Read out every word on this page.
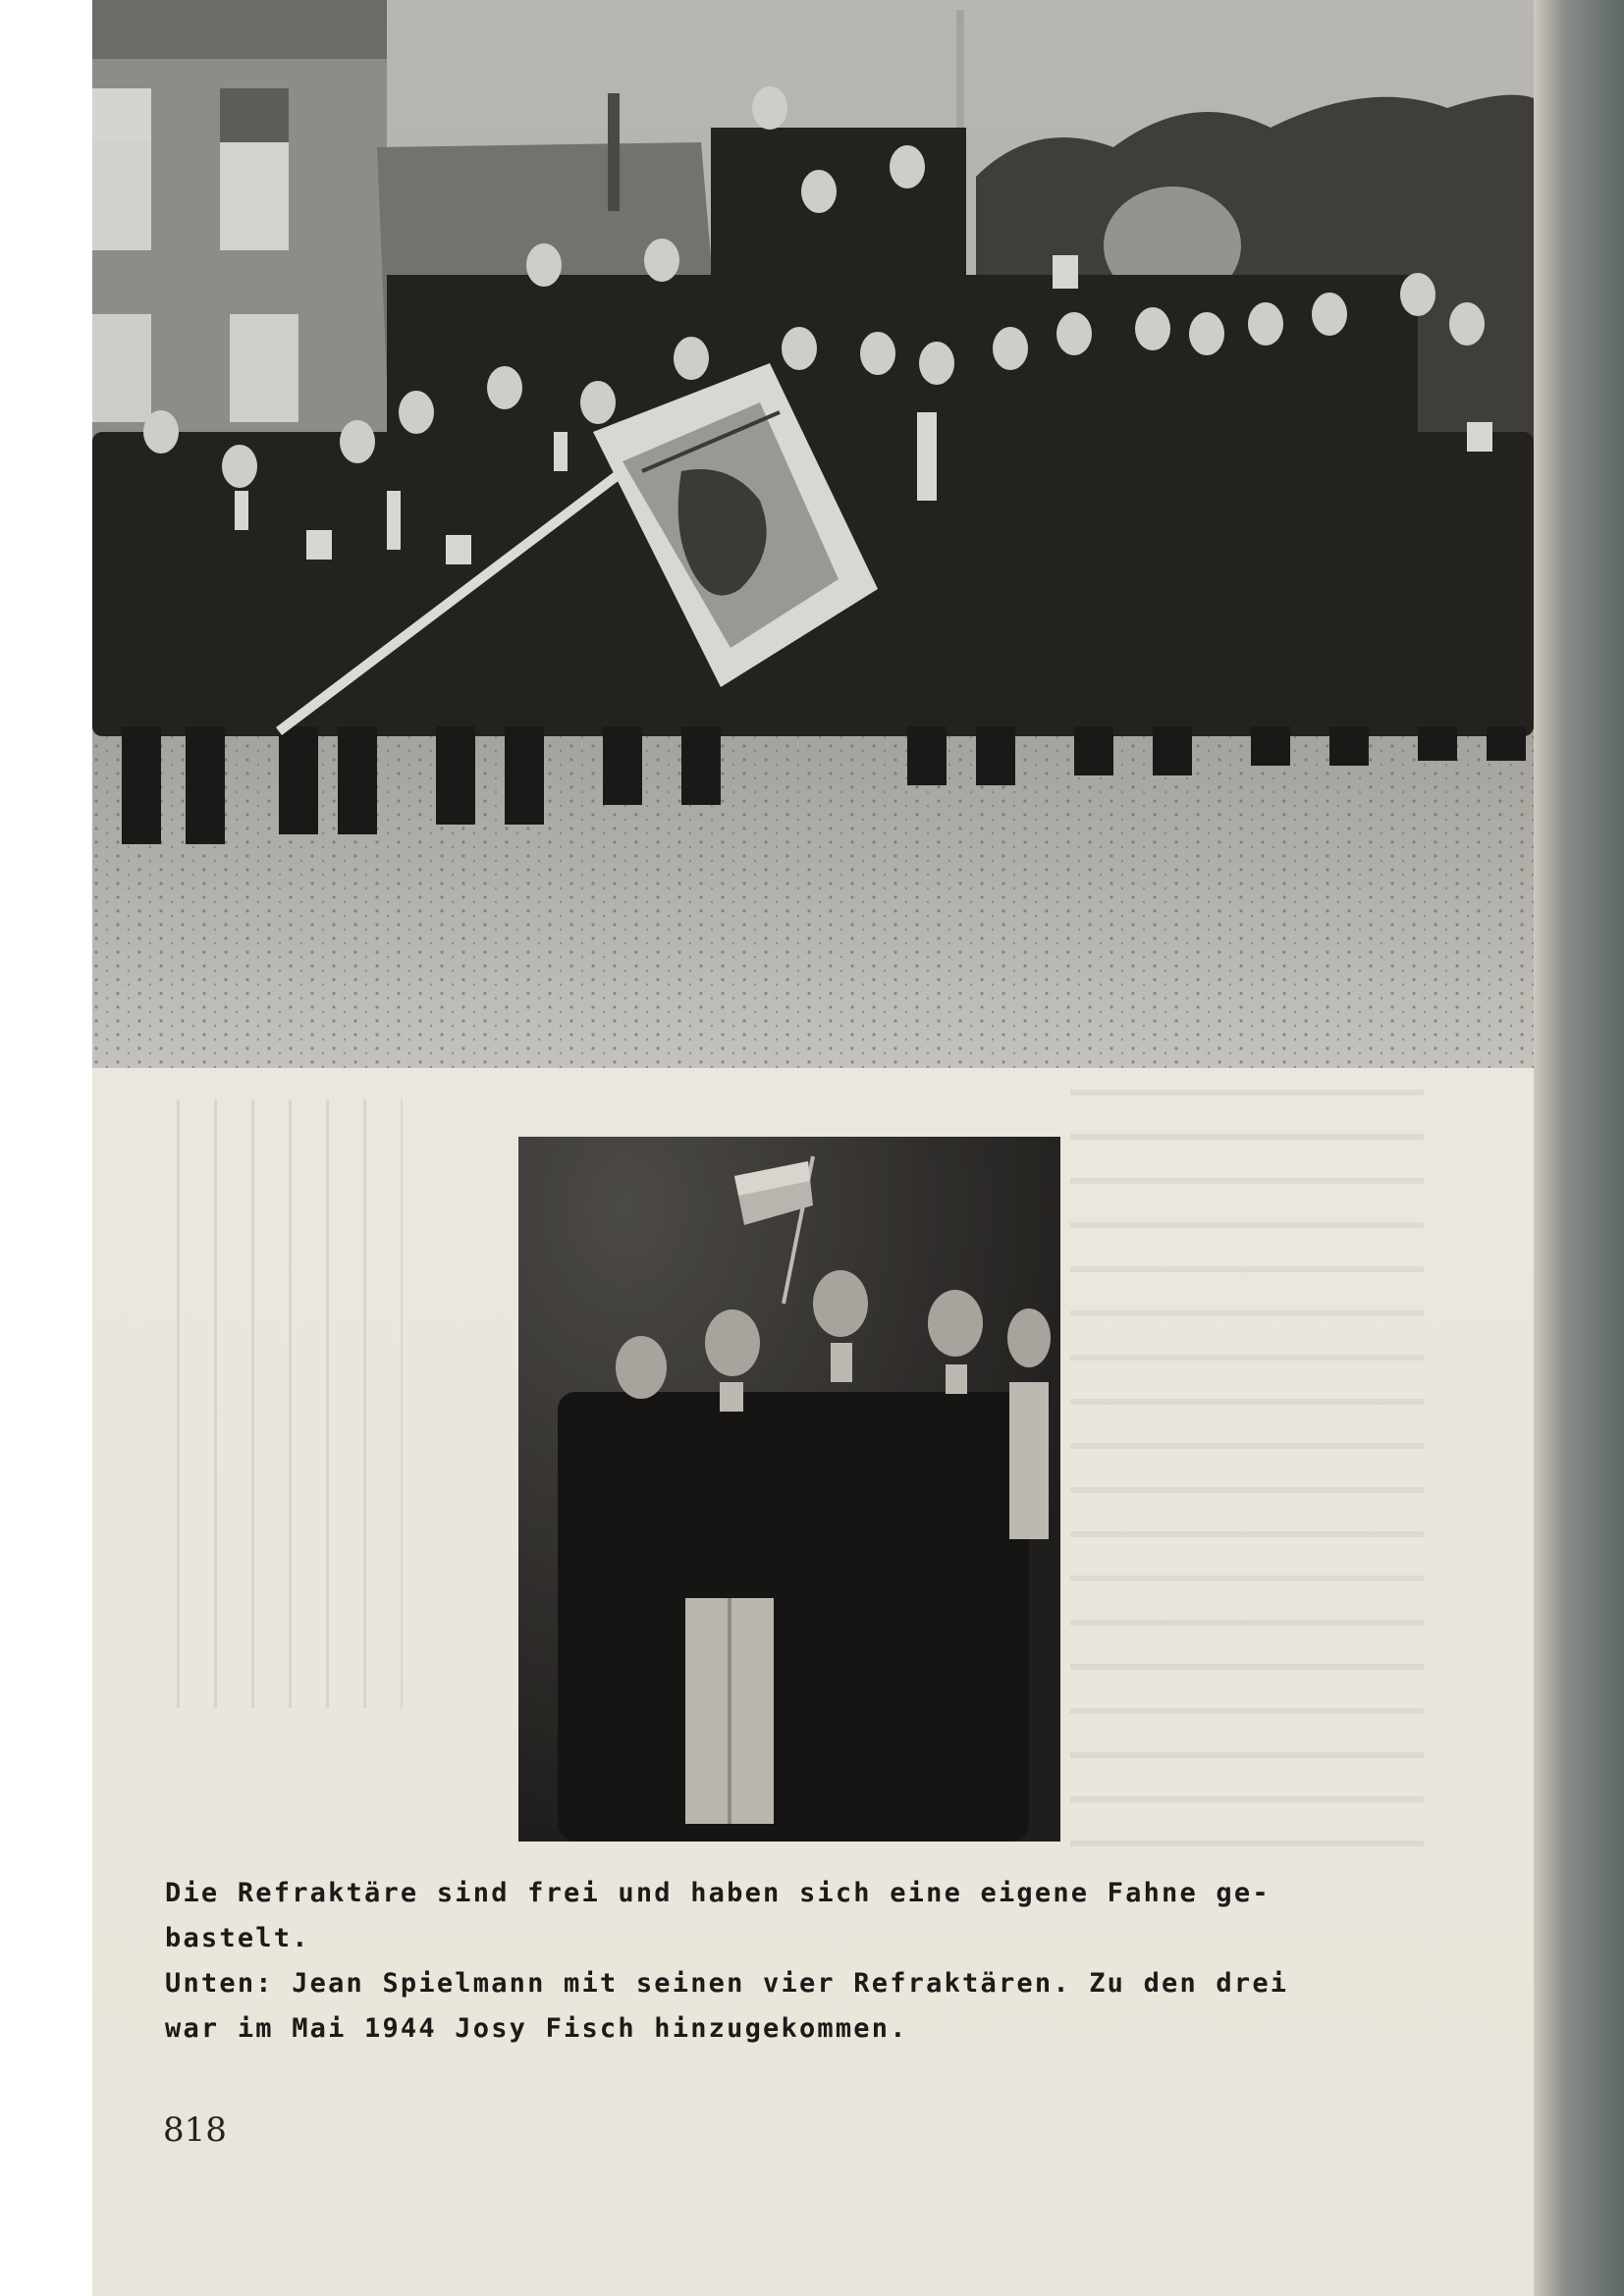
Die Refraktäre sind frei und haben sich eine eigene Fahne ge-
bastelt.
Unten: Jean Spielmann mit seinen vier Refraktären. Zu den drei
war im Mai 1944 Josy Fisch hinzugekommen.

818
